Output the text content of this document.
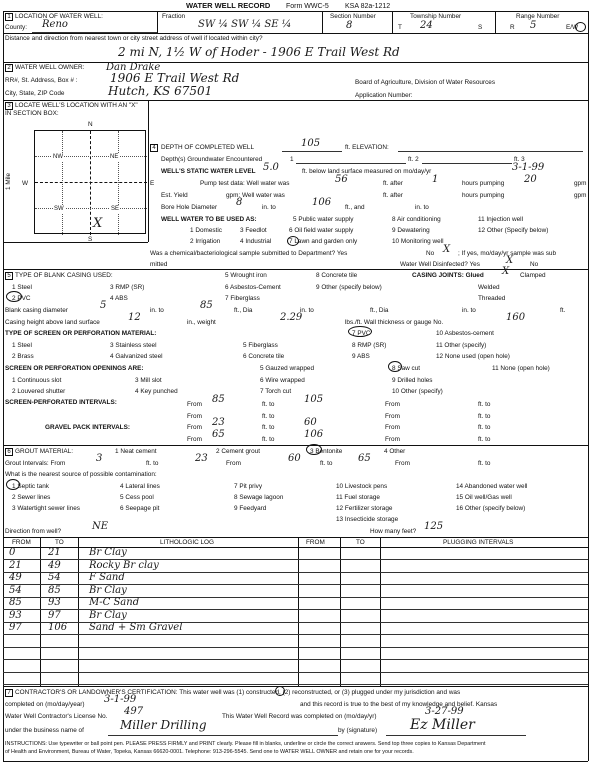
WATER WELL RECORD Form WWC-5 KSA 82a-1212
1 LOCATION OF WATER WELL:
County: Reno
Fraction
SW ¼ SW ¼ SE ¼
Section Number
8
Township Number
T 24	S
Range Number
R 5	E/W
Distance and direction from nearest town or city street address of well if located within city?
2 mi N, 1½ W of Hoder - 1906 E Trail West Rd
2 WATER WELL OWNER: Dan Drake
RR#, St. Address, Box # :	1906 E Trail West Rd	Board of Agriculture, Division of Water Resources
City, State, ZIP Code	Hutch, KS 67501	Application Number:
3 LOCATE WELL'S LOCATION WITH AN "X" IN SECTION BOX:
N
S
W	E
1 Mile
NW	NE
SW	SE
X
4 DEPTH OF COMPLETED WELL	105	ft. ELEVATION:
Depth(s) Groundwater Encountered	1	ft. 2	ft. 3
WELL'S STATIC WATER LEVEL 5.0	ft. below land surface measured on mo/day/yr	3-1-99
Pump test data: Well water was	56	ft. after	1	hours pumping 20	gpm
Est. Yield	gpm: Well water was	ft. after	hours pumping	gpm
Bore Hole Diameter 8	in. to	106 ft., and	in. to
WELL WATER TO BE USED AS:	5 Public water supply	8 Air conditioning	11 Injection well
1 Domestic	3 Feedlot	6 Oil field water supply	9 Dewatering	12 Other (Specify below)
2 Irrigation	4 Industrial	7 Lawn and garden only	10 Monitoring well
Was a chemical/bacteriological sample submitted to Department? Yes	No X ; If yes, mo/day/yr sample was sub
mitted	Water Well Disinfected? Yes	X	No
5 TYPE OF BLANK CASING USED:	5 Wrought iron	8 Concrete tile	CASING JOINTS: Glued X Clamped
1 Steel	3 RMP (SR)	6 Asbestos-Cement	9 Other (specify below)	Welded
2 PVC	4 ABS	7 Fiberglass	Threaded
Blank casing diameter	5	in. to	85	ft., Dia	in. to	ft., Dia	in. to	ft.
Casing height above land surface	12	in., weight	2.29	lbs./ft. Wall thickness or gauge No.	160
TYPE OF SCREEN OR PERFORATION MATERIAL:	7 PVC	10 Asbestos-cement
1 Steel	3 Stainless steel	5 Fiberglass	8 RMP (SR)	11 Other (specify)
2 Brass	4 Galvanized steel	6 Concrete tile	9 ABS	12 None used (open hole)
SCREEN OR PERFORATION OPENINGS ARE:	5 Gauzed wrapped	8 Saw cut	11 None (open hole)
1 Continuous slot	3 Mill slot	6 Wire wrapped	9 Drilled holes
2 Louvered shutter	4 Key punched	7 Torch cut	10 Other (specify)
SCREEN-PERFORATED INTERVALS:	From 85	ft. to	105	From	ft. to
From	ft. to	From	ft. to
GRAVEL PACK INTERVALS:	From 23	ft. to	60	From	ft. to
From 65	ft. to	106	From	ft. to
6 GROUT MATERIAL:	1 Neat cement	2 Cement grout	3 Bentonite	4 Other
Grout Intervals: From	3	ft. to	23	From	60	ft. to	65	From	ft. to
What is the nearest source of possible contamination:
1 Septic tank	4 Lateral lines	7 Pit privy	10 Livestock pens	14 Abandoned water well
2 Sewer lines	5 Cess pool	8 Sewage lagoon	11 Fuel storage	15 Oil well/Gas well
3 Watertight sewer lines	6 Seepage pit	9 Feedyard	12 Fertilizer storage	16 Other (specify below)
13 Insecticide storage
Direction from well?	NE	How many feet? 125
FROM	TO	LITHOLOGIC LOG	FROM	TO	PLUGGING INTERVALS
0	21	Br Clay
21	49	Rocky Br clay
49	54	F Sand
54	85	Br Clay
85	93	M-C Sand
93	97	Br Clay
97	106 Sand + Sm Gravel
7 CONTRACTOR'S OR LANDOWNER'S CERTIFICATION: This water well was (1) constructed, (2) reconstructed, or (3) plugged under my jurisdiction and was
completed on (mo/day/year) 3-1-99	and this record is true to the best of my knowledge and belief. Kansas
Water Well Contractor's License No. 497	This Water Well Record was completed on (mo/day/yr)	3-27-99
under the business name of	Miller Drilling	by (signature) Ez Miller
INSTRUCTIONS: Use typewriter or ball point pen. PLEASE PRESS FIRMLY and PRINT clearly. Please fill in blanks, underline or circle the correct answers. Send top three copies to Kansas Department
of Health and Environment, Bureau of Water, Topeka, Kansas 66620-0001. Telephone: 913-296-5545. Send one to WATER WELL OWNER and retain one for your records.
